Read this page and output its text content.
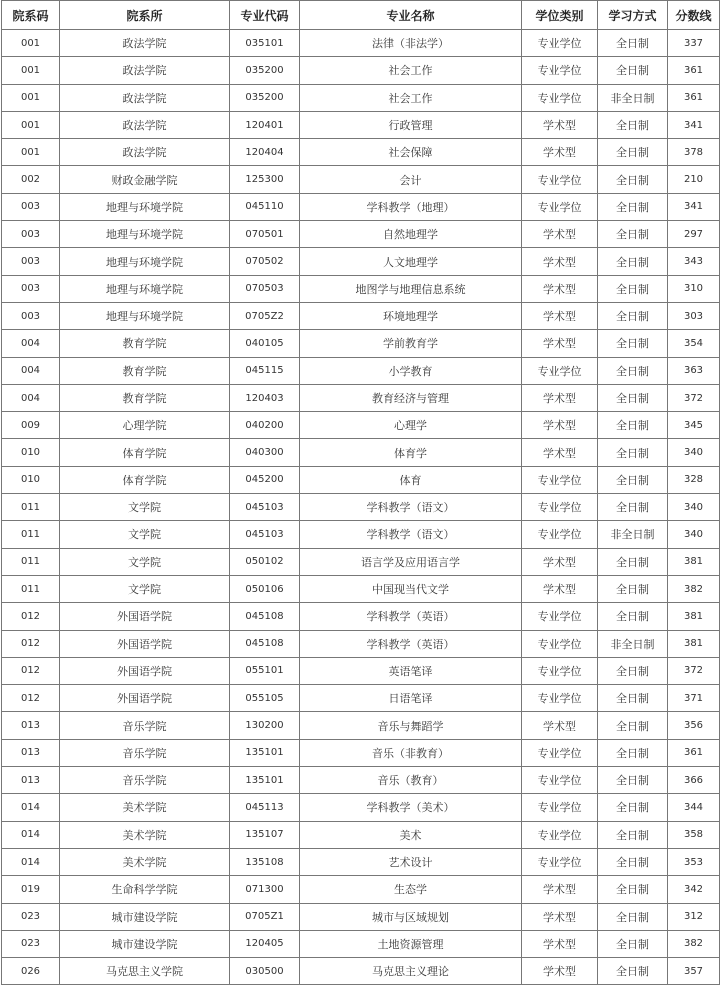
院系码	院系所	专业代码	专业名称	学位类别	学习方式	分数线
001	政法学院	035101	法律（非法学）	专业学位	全日制	337
001	政法学院	035200	社会工作	专业学位	全日制	361
001	政法学院	035200	社会工作	专业学位	非全日制	361
001	政法学院	120401	行政管理	学术型	全日制	341
001	政法学院	120404	社会保障	学术型	全日制	378
002	财政金融学院	125300	会计	专业学位	全日制	210
003	地理与环境学院	045110	学科教学（地理）	专业学位	全日制	341
003	地理与环境学院	070501	自然地理学	学术型	全日制	297
003	地理与环境学院	070502	人文地理学	学术型	全日制	343
003	地理与环境学院	070503	地图学与地理信息系统	学术型	全日制	310
003	地理与环境学院	0705Z2	环境地理学	学术型	全日制	303
004	教育学院	040105	学前教育学	学术型	全日制	354
004	教育学院	045115	小学教育	专业学位	全日制	363
004	教育学院	120403	教育经济与管理	学术型	全日制	372
009	心理学院	040200	心理学	学术型	全日制	345
010	体育学院	040300	体育学	学术型	全日制	340
010	体育学院	045200	体育	专业学位	全日制	328
011	文学院	045103	学科教学（语文）	专业学位	全日制	340
011	文学院	045103	学科教学（语文）	专业学位	非全日制	340
011	文学院	050102	语言学及应用语言学	学术型	全日制	381
011	文学院	050106	中国现当代文学	学术型	全日制	382
012	外国语学院	045108	学科教学（英语）	专业学位	全日制	381
012	外国语学院	045108	学科教学（英语）	专业学位	非全日制	381
012	外国语学院	055101	英语笔译	专业学位	全日制	372
012	外国语学院	055105	日语笔译	专业学位	全日制	371
013	音乐学院	130200	音乐与舞蹈学	学术型	全日制	356
013	音乐学院	135101	音乐（非教育）	专业学位	全日制	361
013	音乐学院	135101	音乐（教育）	专业学位	全日制	366
014	美术学院	045113	学科教学（美术）	专业学位	全日制	344
014	美术学院	135107	美术	专业学位	全日制	358
014	美术学院	135108	艺术设计	专业学位	全日制	353
019	生命科学学院	071300	生态学	学术型	全日制	342
023	城市建设学院	0705Z1	城市与区域规划	学术型	全日制	312
023	城市建设学院	120405	土地资源管理	学术型	全日制	382
026	马克思主义学院	030500	马克思主义理论	学术型	全日制	357
